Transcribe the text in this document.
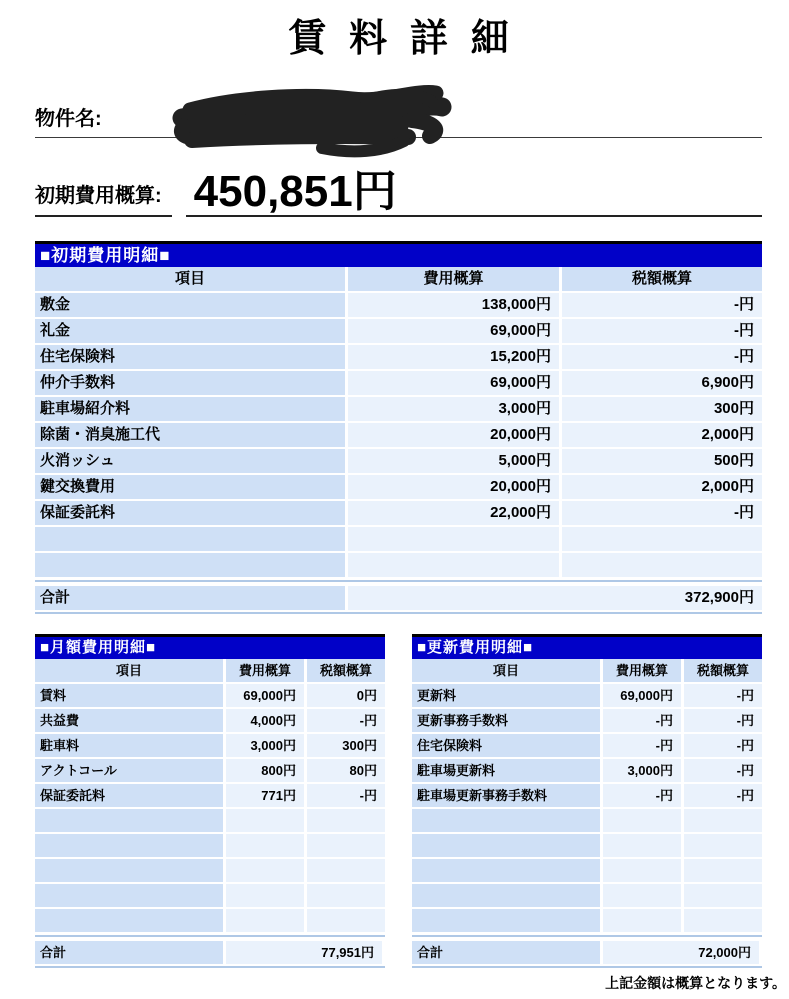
賃料詳細
物件名:
初期費用概算: 450,851円
■初期費用明細■
項目	費用概算	税額概算
敷金	138,000円	-円
礼金	69,000円	-円
住宅保険料	15,200円	-円
仲介手数料	69,000円	6,900円
駐車場紹介料	3,000円	300円
除菌・消臭施工代	20,000円	2,000円
火消ッシュ	5,000円	500円
鍵交換費用	20,000円	2,000円
保証委託料	22,000円	-円

合計	372,900円
■月額費用明細■
項目	費用概算	税額概算
賃料	69,000円	0円
共益費	4,000円	-円
駐車料	3,000円	300円
アクトコール	800円	80円
保証委託料	771円	-円

合計	77,951円
■更新費用明細■
項目	費用概算	税額概算
更新料	69,000円	-円
更新事務手数料	-円	-円
住宅保険料	-円	-円
駐車場更新料	3,000円	-円
駐車場更新事務手数料	-円	-円

合計	72,000円
上記金額は概算となります。
